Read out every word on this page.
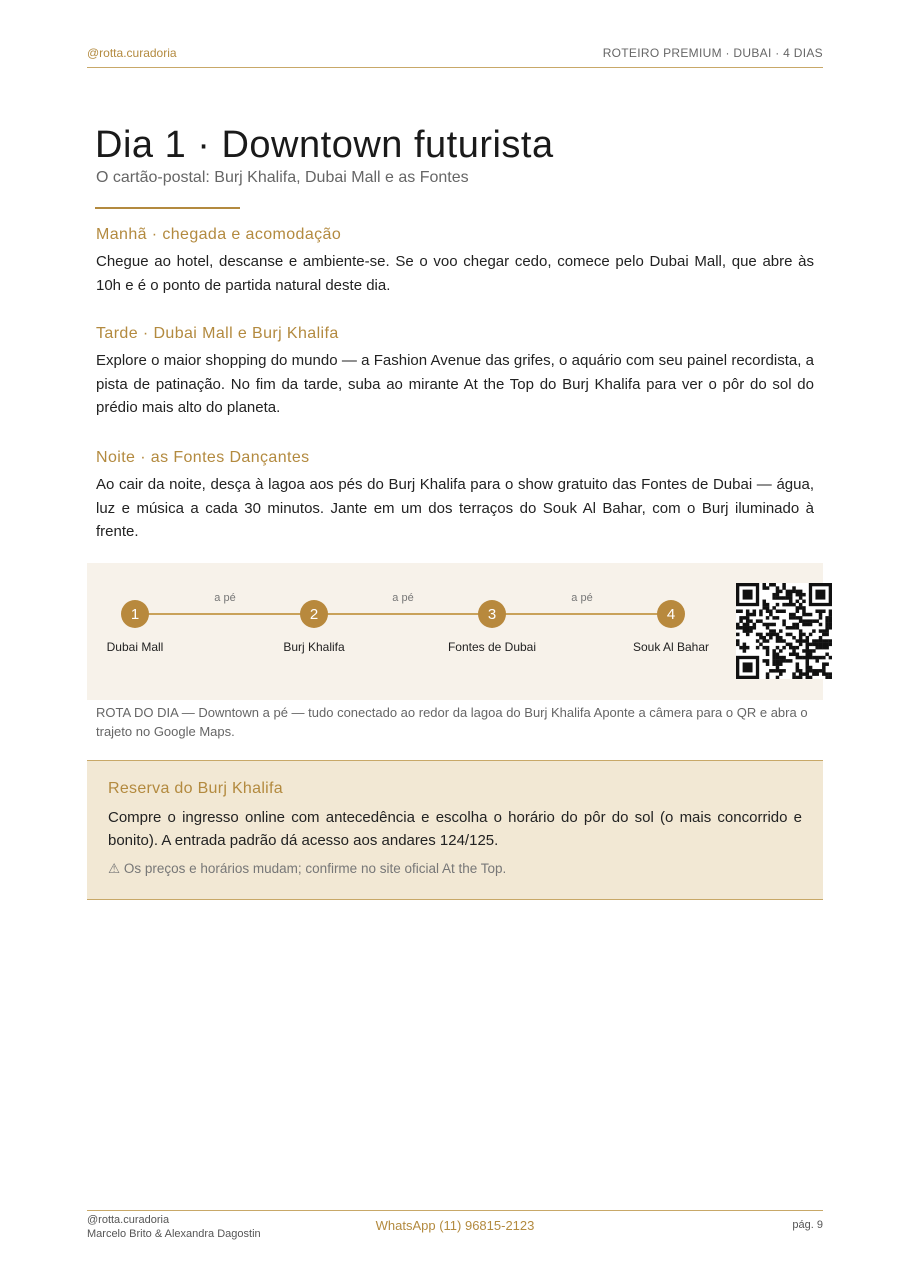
@rotta.curadoria	ROTEIRO PREMIUM · DUBAI · 4 DIAS
Dia 1 · Downtown futurista

O cartão-postal: Burj Khalifa, Dubai Mall e as Fontes

Manhã · chegada e acomodação

Chegue ao hotel, descanse e ambiente-se. Se o voo chegar cedo, comece pelo Dubai Mall, que abre às 10h e é o ponto de partida natural deste dia.

Tarde · Dubai Mall e Burj Khalifa

Explore o maior shopping do mundo — a Fashion Avenue das grifes, o aquário com seu painel recordista, a pista de patinação. No fim da tarde, suba ao mirante At the Top do Burj Khalifa para ver o pôr do sol do prédio mais alto do planeta.

Noite · as Fontes Dançantes

Ao cair da noite, desça à lagoa aos pés do Burj Khalifa para o show gratuito das Fontes de Dubai — água, luz e música a cada 30 minutos. Jante em um dos terraços do Souk Al Bahar, com o Burj iluminado à frente.

a pé	a pé	a pé
1	2	3	4
Dubai Mall	Burj Khalifa	Fontes de Dubai	Souk Al Bahar
ROTA DO DIA — Downtown a pé — tudo conectado ao redor da lagoa do Burj Khalifa Aponte a câmera para o QR e abra o trajeto no Google Maps.
Reserva do Burj Khalifa

Compre o ingresso online com antecedência e escolha o horário do pôr do sol (o mais concorrido e bonito). A entrada padrão dá acesso aos andares 124/125.

⚠ Os preços e horários mudam; confirme no site oficial At the Top.
@rotta.curadoria
Marcelo Brito & Alexandra Dagostin
WhatsApp (11) 96815-2123	pág. 9
